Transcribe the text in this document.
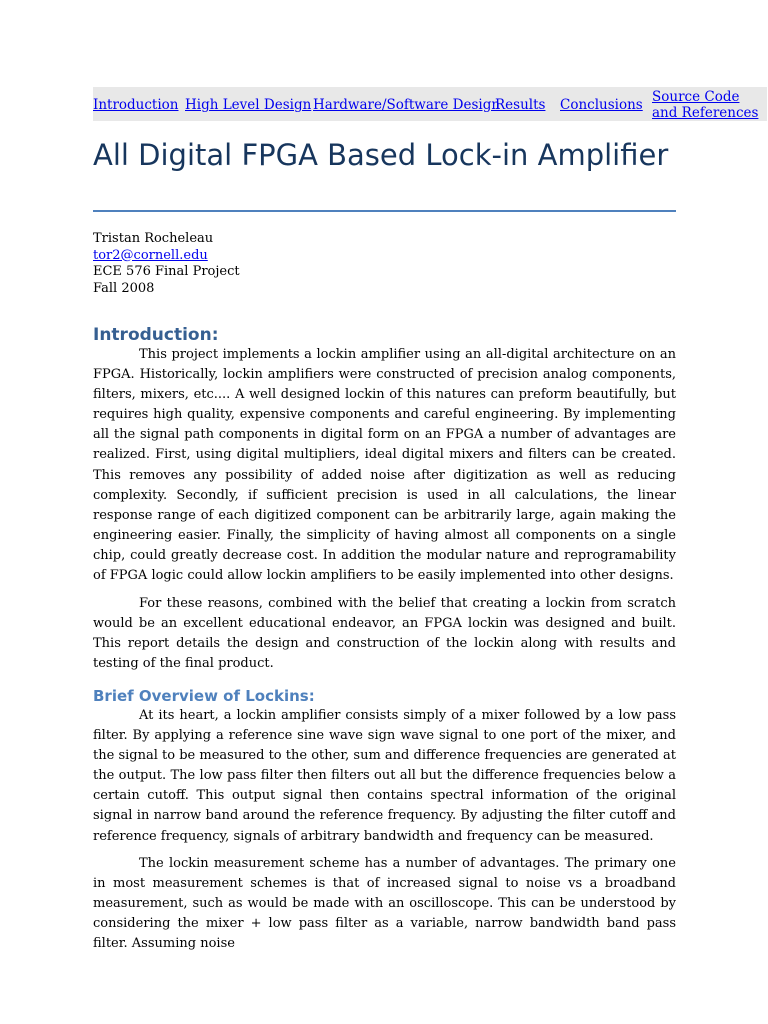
Introduction High Level Design Hardware/Software Design
Results Conclusions Source Code and References
All Digital FPGA Based Lock-in Amplifier
Tristan Rocheleau
tor2@cornell.edu
ECE 576 Final Project
Fall 2008
Introduction:

This project implements a lockin amplifier using an all-digital architecture on an FPGA. Historically, lockin amplifiers were constructed of precision analog components, filters, mixers, etc.... A well designed lockin of this natures can preform beautifully, but requires high quality, expensive components and careful engineering. By implementing all the signal path components in digital form on an FPGA a number of advantages are realized. First, using digital multipliers, ideal digital mixers and filters can be created. This removes any possibility of added noise after digitization as well as reducing complexity. Secondly, if sufficient precision is used in all calculations, the linear response range of each digitized component can be arbitrarily large, again making the engineering easier. Finally, the simplicity of having almost all components on a single chip, could greatly decrease cost. In addition the modular nature and reprogramability of FPGA logic could allow lockin amplifiers to be easily implemented into other designs.

For these reasons, combined with the belief that creating a lockin from scratch would be an excellent educational endeavor, an FPGA lockin was designed and built. This report details the design and construction of the lockin along with results and testing of the final product.

Brief Overview of Lockins:

At its heart, a lockin amplifier consists simply of a mixer followed by a low pass filter. By applying a reference sine wave sign wave signal to one port of the mixer, and the signal to be measured to the other, sum and difference frequencies are generated at the output. The low pass filter then filters out all but the difference frequencies below a certain cutoff. This output signal then contains spectral information of the original signal in narrow band around the reference frequency. By adjusting the filter cutoff and reference frequency, signals of arbitrary bandwidth and frequency can be measured.

The lockin measurement scheme has a number of advantages. The primary one in most measurement schemes is that of increased signal to noise vs a broadband measurement, such as would be made with an oscilloscope. This can be understood by considering the mixer + low pass filter as a variable, narrow bandwidth band pass filter. Assuming noise
